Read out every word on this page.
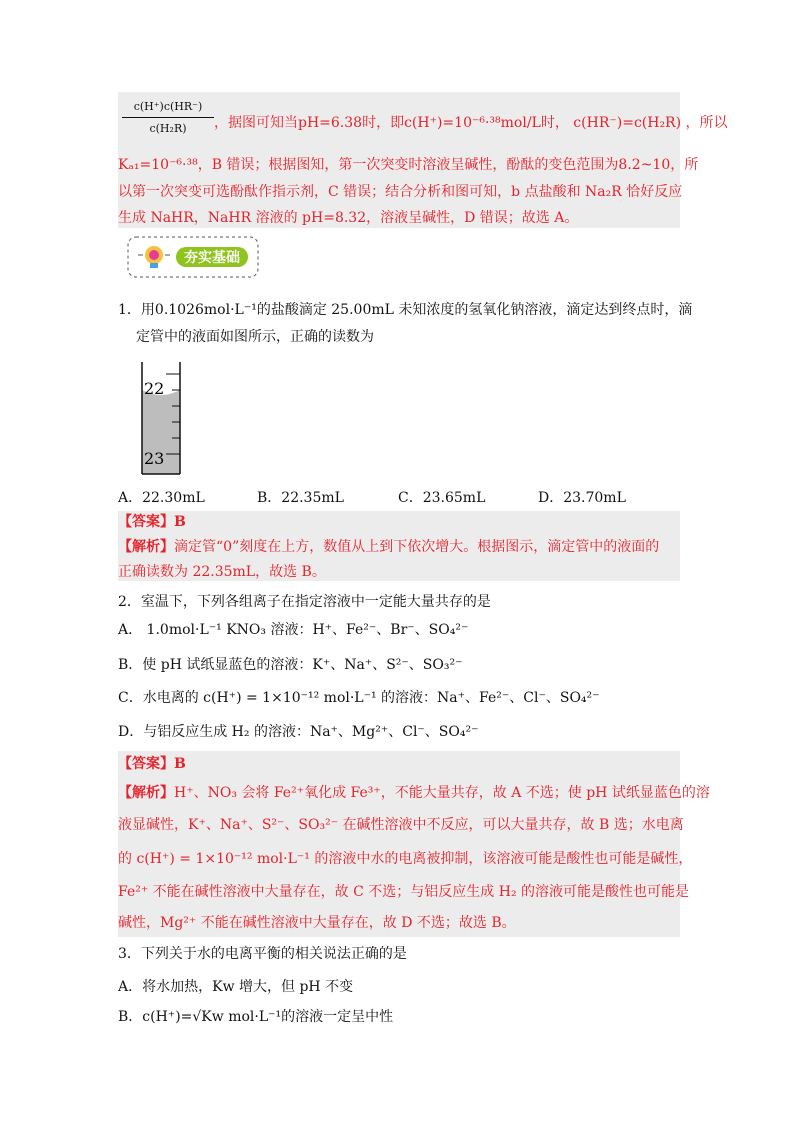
c(H⁺)c(HR⁻)
c(H₂R)	，据图可知当pH=6.38时，即c(H⁺)=10⁻⁶·³⁸mol/L时， c(HR⁻)=c(H₂R) ，所以
Kₐ₁=10⁻⁶·³⁸，B 错误；根据图知，第一次突变时溶液呈碱性，酚酞的变色范围为8.2~10，所
以第一次突变可选酚酞作指示剂，C 错误；结合分析和图可知，b 点盐酸和 Na₂R 恰好反应
生成 NaHR，NaHR 溶液的 pH=8.32，溶液呈碱性，D 错误；故选 A。
夯实基础
1．用0.1026mol·L⁻¹的盐酸滴定 25.00mL 未知浓度的氢氧化钠溶液，滴定达到终点时，滴
定管中的液面如图所示，正确的读数为
22
23
A．22.30mL	B．22.35mL	C．23.65mL	D．23.70mL
【答案】B
【解析】滴定管“0”刻度在上方，数值从上到下依次增大。根据图示，滴定管中的液面的
正确读数为 22.35mL，故选 B。
2．室温下，下列各组离子在指定溶液中一定能大量共存的是
A． 1.0mol·L⁻¹ KNO₃ 溶液：H⁺、Fe²⁻、Br⁻、SO₄²⁻
B．使 pH 试纸显蓝色的溶液：K⁺、Na⁺、S²⁻、SO₃²⁻
C．水电离的 c(H⁺) = 1×10⁻¹² mol·L⁻¹ 的溶液：Na⁺、Fe²⁻、Cl⁻、SO₄²⁻
D．与铝反应生成 H₂ 的溶液：Na⁺、Mg²⁺、Cl⁻、SO₄²⁻
【答案】B
【解析】H⁺、NO₃ 会将 Fe²⁺氧化成 Fe³⁺，不能大量共存，故 A 不选；使 pH 试纸显蓝色的溶
液显碱性，K⁺、Na⁺、S²⁻、SO₃²⁻ 在碱性溶液中不反应，可以大量共存，故 B 选；水电离
的 c(H⁺) = 1×10⁻¹² mol·L⁻¹ 的溶液中水的电离被抑制，该溶液可能是酸性也可能是碱性，
Fe²⁺ 不能在碱性溶液中大量存在，故 C 不选；与铝反应生成 H₂ 的溶液可能是酸性也可能是
碱性，Mg²⁺ 不能在碱性溶液中大量存在，故 D 不选；故选 B。
3．下列关于水的电离平衡的相关说法正确的是
A．将水加热，Kw 增大，但 pH 不变
B．c(H⁺)=√Kw mol·L⁻¹的溶液一定呈中性
